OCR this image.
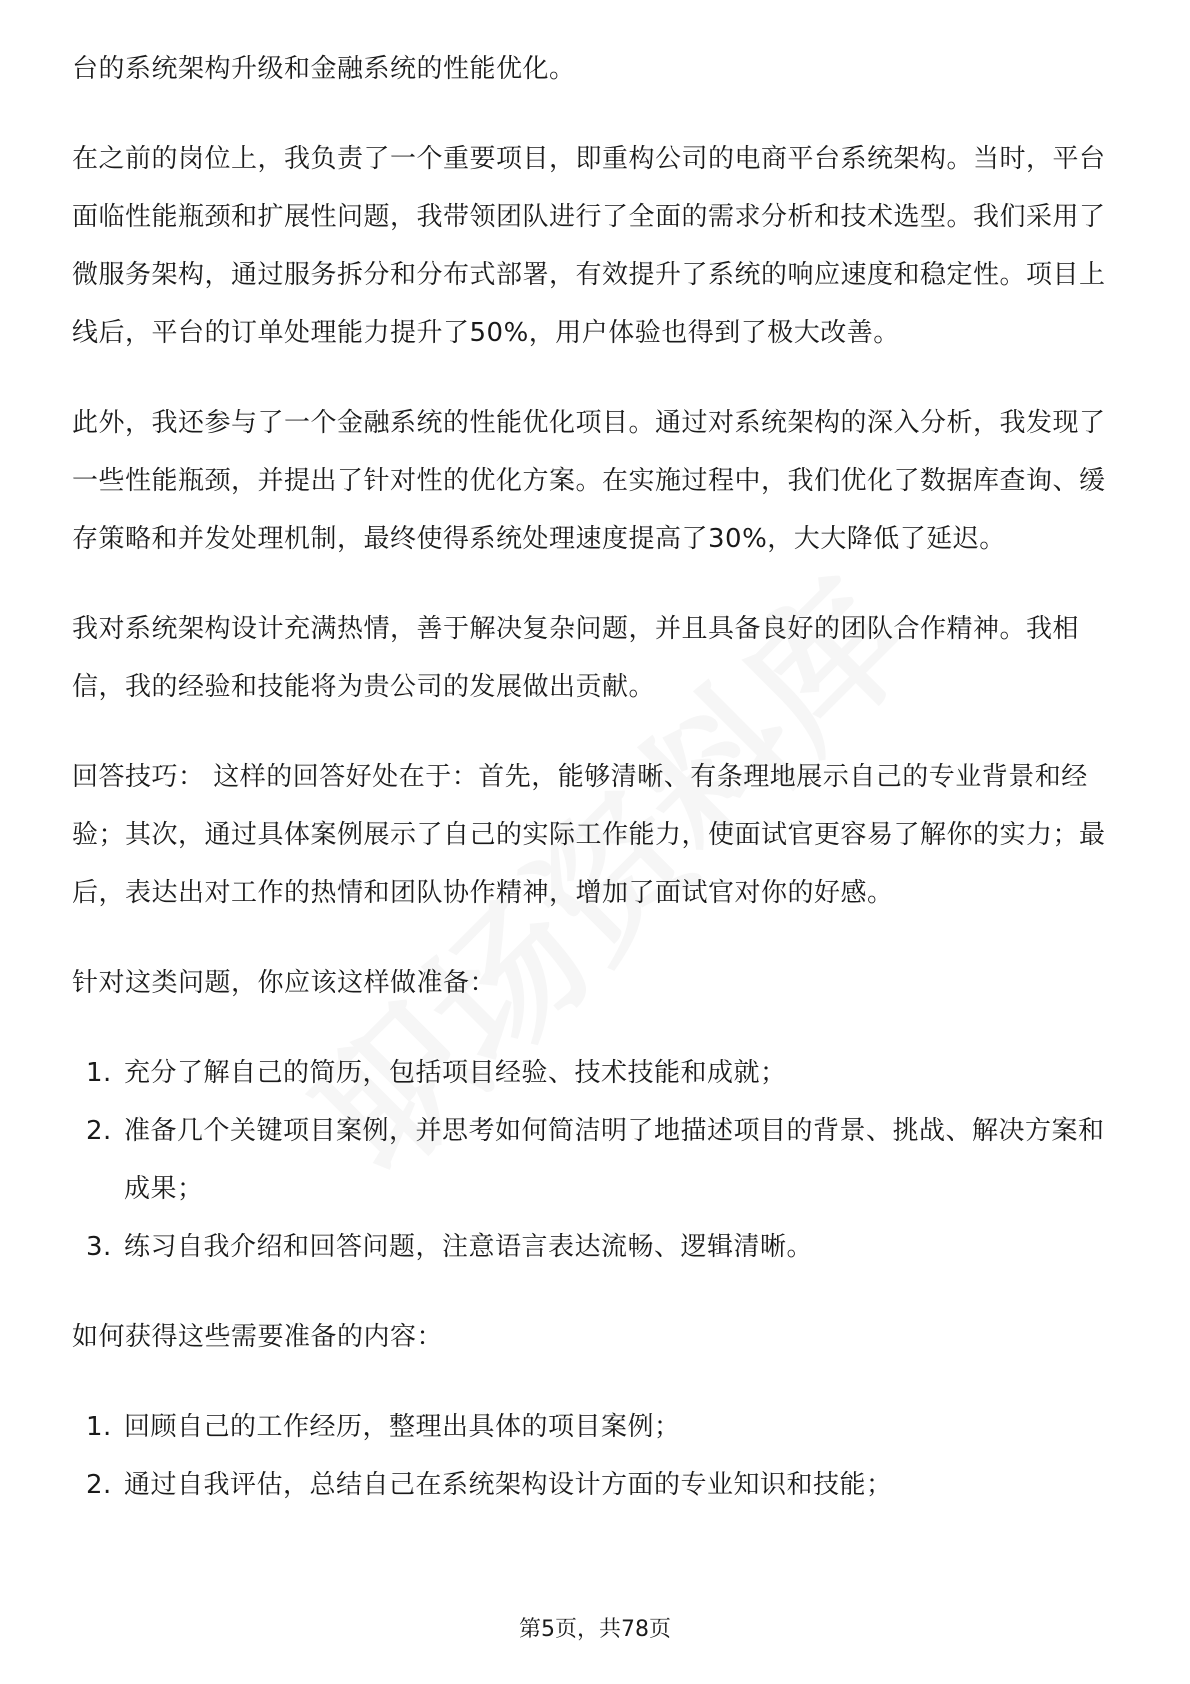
台的系统架构升级和金融系统的性能优化。

在之前的岗位上，我负责了一个重要项目，即重构公司的电商平台系统架构。当时，平台面临性能瓶颈和扩展性问题，我带领团队进行了全面的需求分析和技术选型。我们采用了微服务架构，通过服务拆分和分布式部署，有效提升了系统的响应速度和稳定性。项目上线后，平台的订单处理能力提升了50%，用户体验也得到了极大改善。

此外，我还参与了一个金融系统的性能优化项目。通过对系统架构的深入分析，我发现了一些性能瓶颈，并提出了针对性的优化方案。在实施过程中，我们优化了数据库查询、缓存策略和并发处理机制，最终使得系统处理速度提高了30%，大大降低了延迟。

我对系统架构设计充满热情，善于解决复杂问题，并且具备良好的团队合作精神。我相信，我的经验和技能将为贵公司的发展做出贡献。

回答技巧： 这样的回答好处在于：首先，能够清晰、有条理地展示自己的专业背景和经验；其次，通过具体案例展示了自己的实际工作能力，使面试官更容易了解你的实力；最后，表达出对工作的热情和团队协作精神，增加了面试官对你的好感。

针对这类问题，你应该这样做准备：

1. 充分了解自己的简历，包括项目经验、技术技能和成就；
2. 准备几个关键项目案例，并思考如何简洁明了地描述项目的背景、挑战、解决方案和成果；
3. 练习自我介绍和回答问题，注意语言表达流畅、逻辑清晰。

如何获得这些需要准备的内容：

1. 回顾自己的工作经历，整理出具体的项目案例；
2. 通过自我评估，总结自己在系统架构设计方面的专业知识和技能；
第5页，共78页
